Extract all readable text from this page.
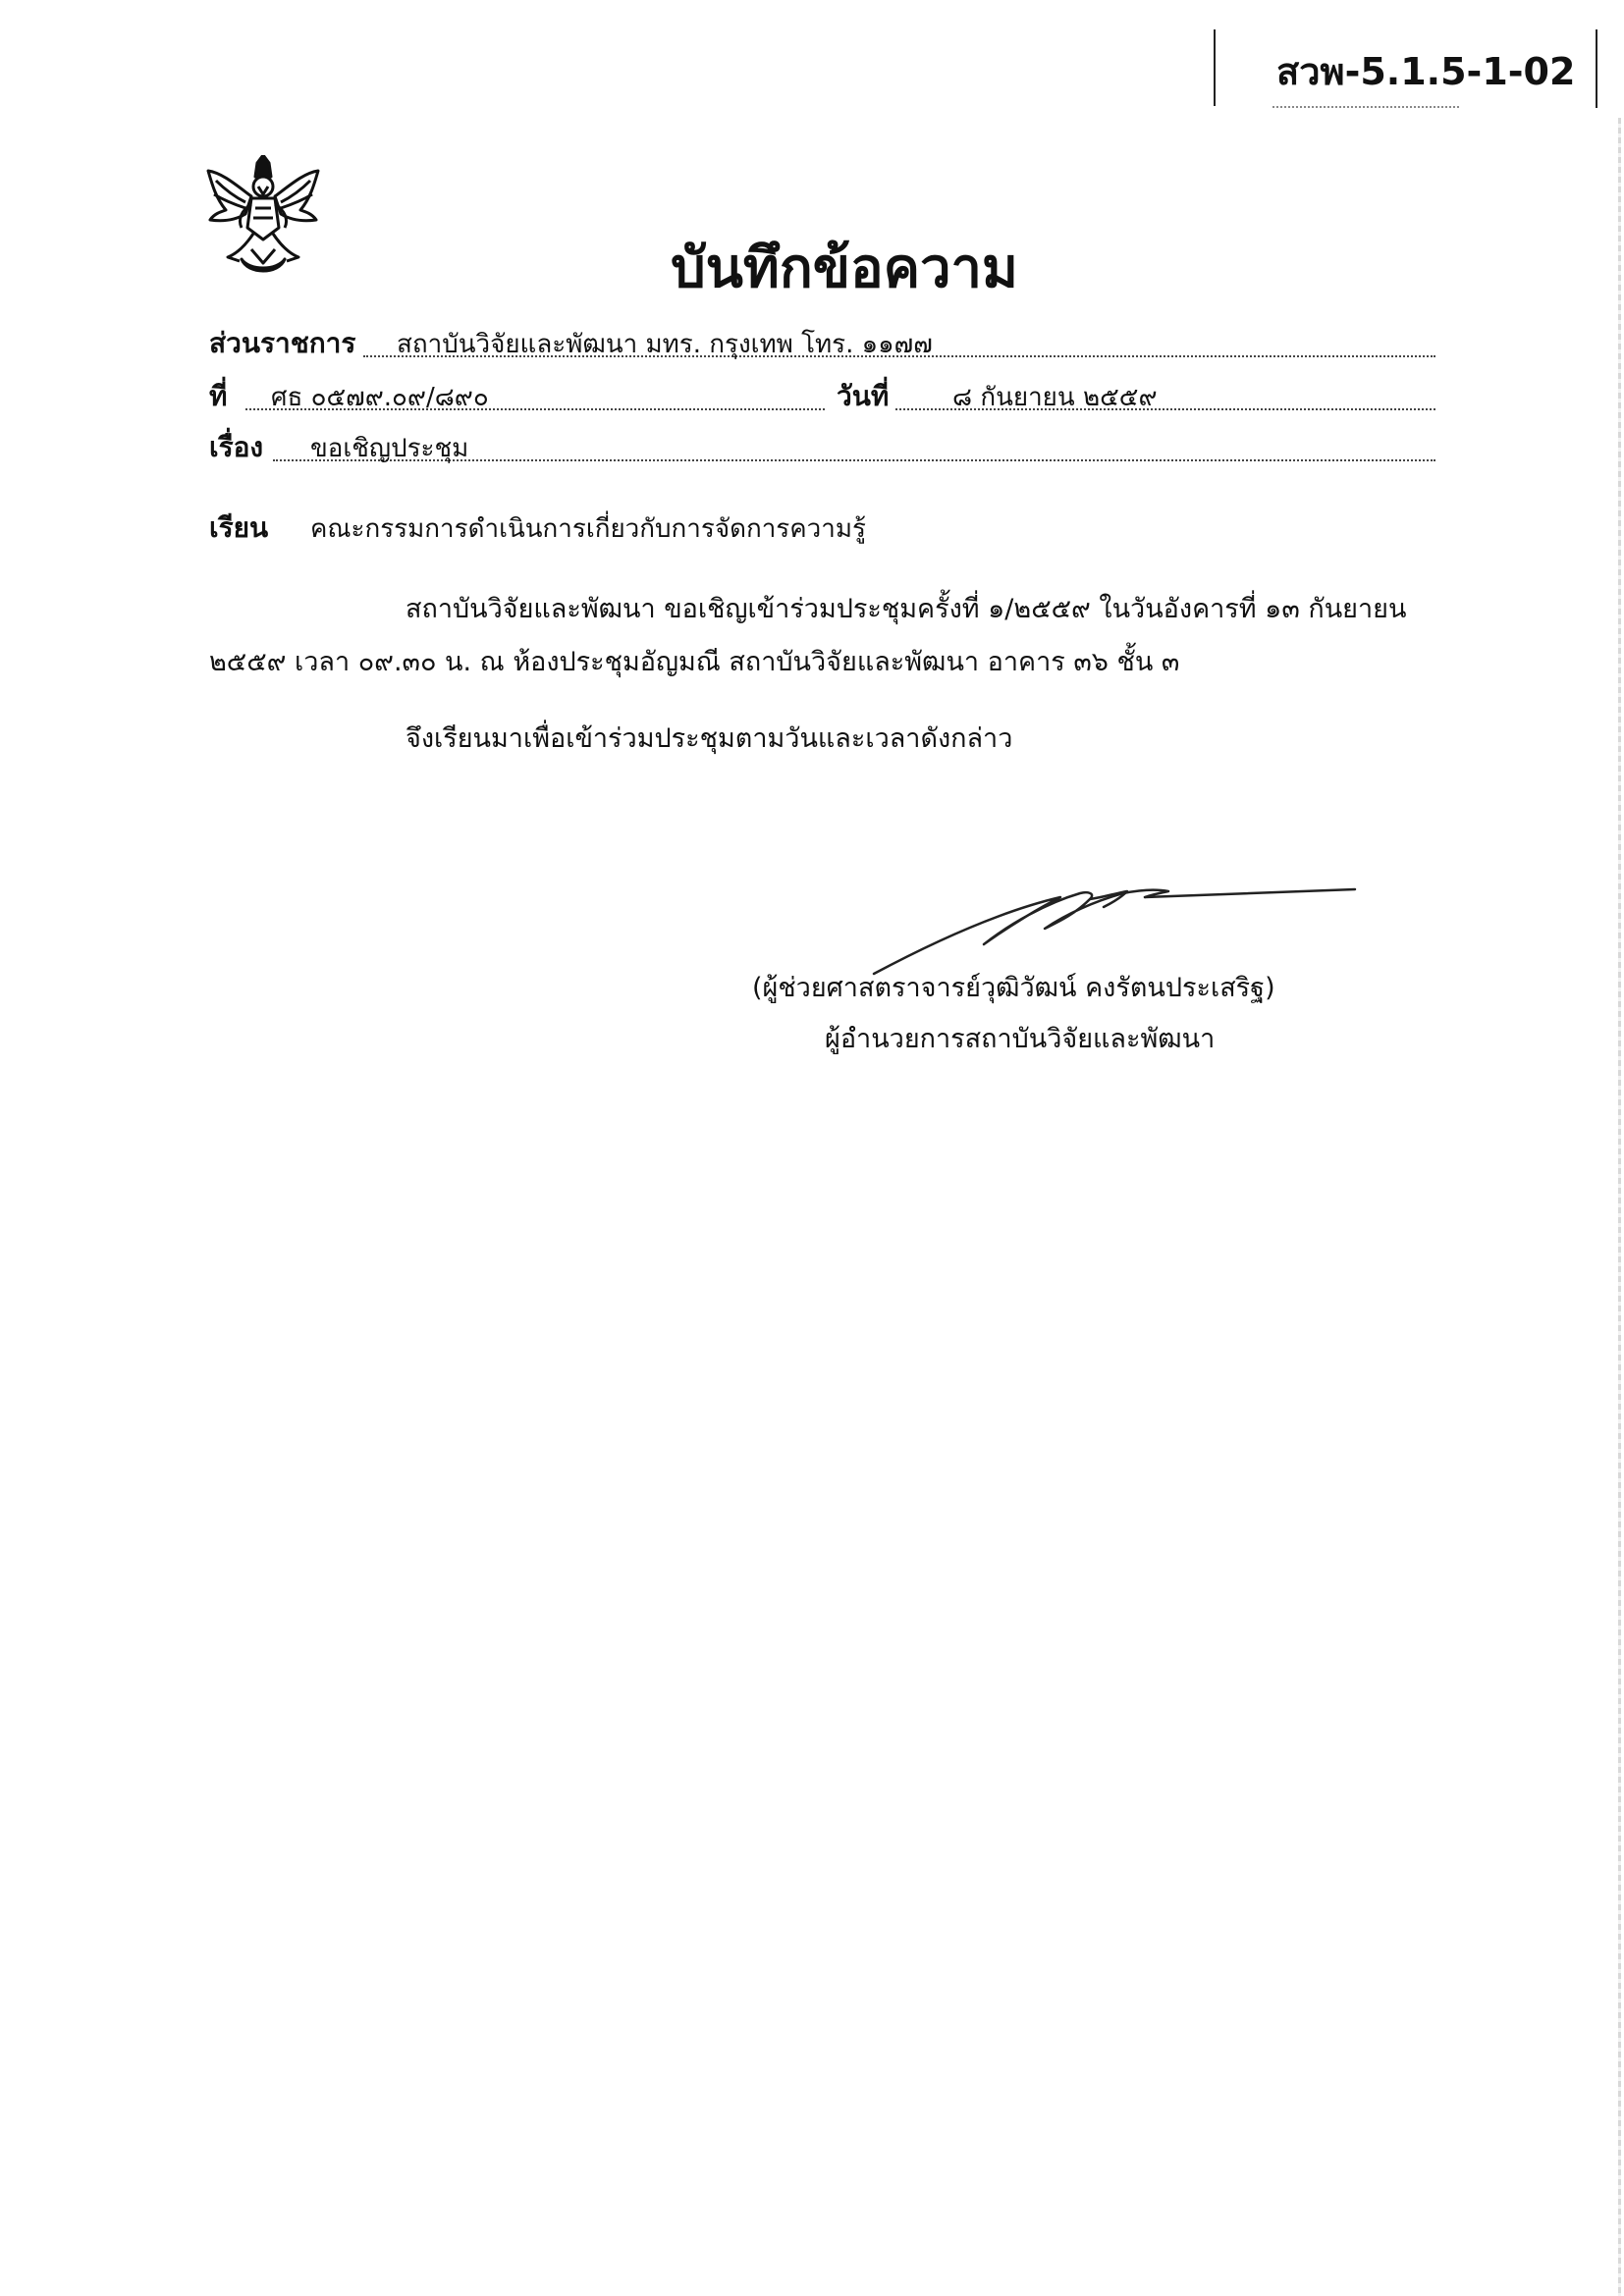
สวพ-5.1.5-1-02
บันทึกข้อความ
ส่วนราชการ สถาบันวิจัยและพัฒนา มทร. กรุงเทพ โทร. ๑๑๗๗
ที่ ศธ ๐๕๗๙.๐๙/๘๙๐	วันที่ ๘ กันยายน ๒๕๕๙
เรื่อง ขอเชิญประชุม
เรียน คณะกรรมการดำเนินการเกี่ยวกับการจัดการความรู้
สถาบันวิจัยและพัฒนา ขอเชิญเข้าร่วมประชุมครั้งที่ ๑/๒๕๕๙ ในวันอังคารที่ ๑๓ กันยายน
๒๕๕๙ เวลา ๐๙.๓๐ น. ณ ห้องประชุมอัญมณี สถาบันวิจัยและพัฒนา อาคาร ๓๖ ชั้น ๓
จึงเรียนมาเพื่อเข้าร่วมประชุมตามวันและเวลาดังกล่าว
(ผู้ช่วยศาสตราจารย์วุฒิวัฒน์ คงรัตนประเสริฐ)
ผู้อำนวยการสถาบันวิจัยและพัฒนา
